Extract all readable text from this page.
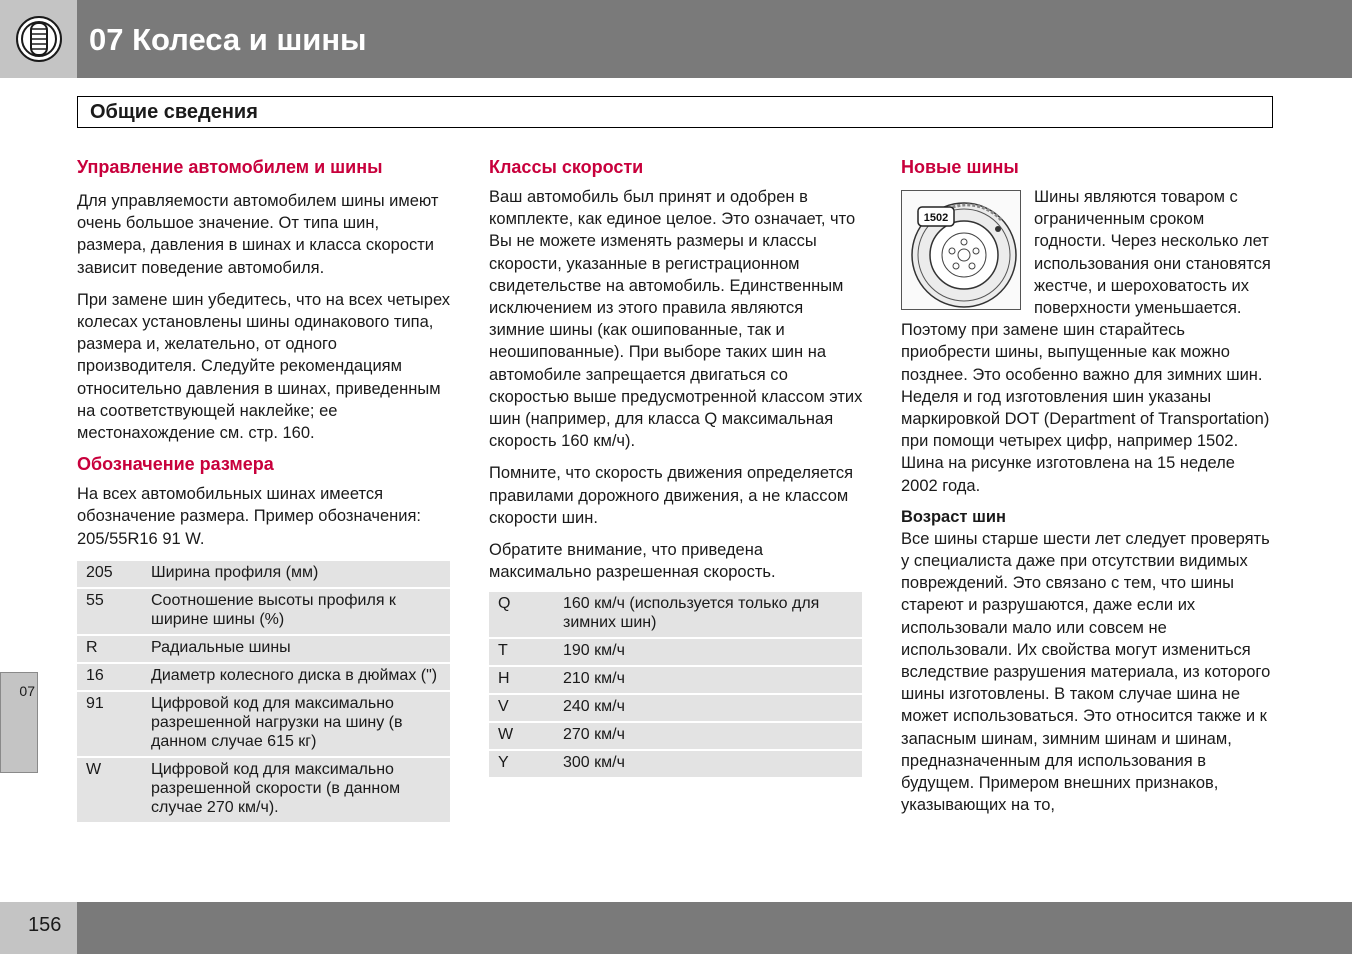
07 Колеса и шины
Общие сведения
Управление автомобилем и шины

Для управляемости автомобилем шины имеют очень большое значение. От типа шин, размера, давления в шинах и класса скорости зависит поведение автомобиля.

При замене шин убедитесь, что на всех четырех колесах установлены шины одинакового типа, размера и, желательно, от одного производителя. Следуйте рекомендациям относительно давления в шинах, приведенным на соответствующей наклейке; ее местонахождение см. стр. 160.

Обозначение размера

На всех автомобильных шинах имеется обозначение размера. Пример обозначения: 205/55R16 91 W.

205	Ширина профиля (мм)
55	Соотношение высоты профиля к ширине шины (%)
R	Радиальные шины
16	Диаметр колесного диска в дюймах (")
91	Цифровой код для максимально разрешенной нагрузки на шину (в данном случае 615 кг)
W	Цифровой код для максимально разрешенной скорости (в данном случае 270 км/ч).
Классы скорости

Ваш автомобиль был принят и одобрен в комплекте, как единое целое. Это означает, что Вы не можете изменять размеры и классы скорости, указанные в регистрационном свидетельстве на автомобиль. Единственным исключением из этого правила являются зимние шины (как ошипованные, так и неошипованные). При выборе таких шин на автомобиле запрещается двигаться со скоростью выше предусмотренной классом этих шин (например, для класса Q максимальная скорость 160 км/ч).

Помните, что скорость движения определяется правилами дорожного движения, а не классом скорости шин.

Обратите внимание, что приведена максимально разрешенная скорость.

Q	160 км/ч (используется только для зимних шин)
T	190 км/ч
H	210 км/ч
V	240 км/ч
W	270 км/ч
Y	300 км/ч
Новые шины
1502

Шины являются товаром с ограниченным сроком годности. Через несколько лет использования они становятся жестче, и шероховатость их поверхности уменьшается. Поэтому при замене шин старайтесь приобрести шины, выпущенные как можно позднее. Это особенно важно для зимних шин. Неделя и год изготовления шин указаны маркировкой DOT (Department of Transportation) при помощи четырех цифр, например 1502. Шина на рисунке изготовлена на 15 неделе 2002 года.

Возраст шин

Все шины старше шести лет следует проверять у специалиста даже при отсутствии видимых повреждений. Это связано с тем, что шины стареют и разрушаются, даже если их использовали мало или совсем не использовали. Их свойства могут измениться вследствие разрушения материала, из которого шины изготовлены. В таком случае шина не может использоваться. Это относится также и к запасным шинам, зимним шинам и шинам, предназначенным для использования в будущем. Примером внешних признаков, указывающих на то,

07
156
